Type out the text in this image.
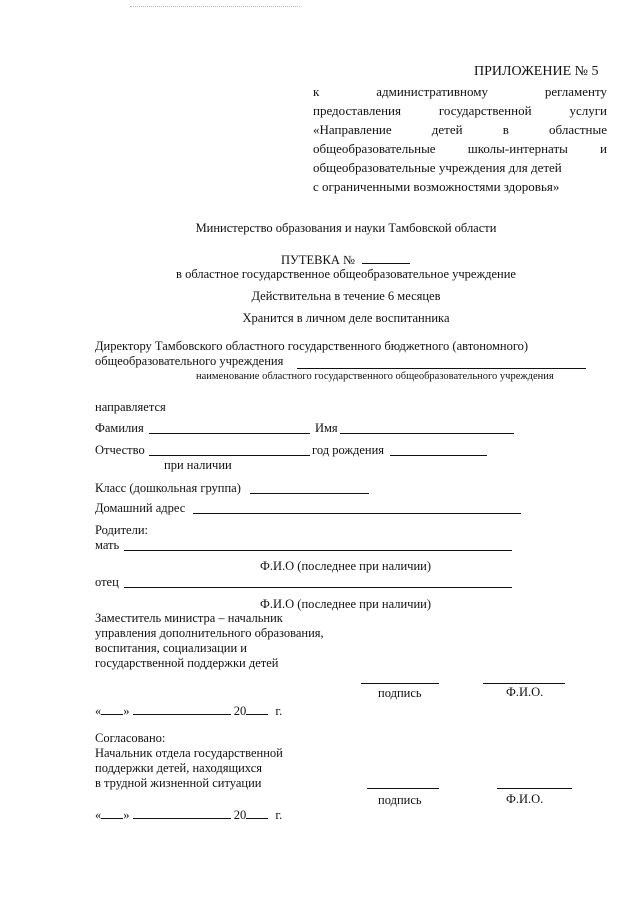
ПРИЛОЖЕНИЕ № 5
к административному регламенту
предоставления государственной услуги
«Направление детей в областные
общеобразовательные школы-интернаты и
общеобразовательные учреждения для детей
с ограниченными возможностями здоровья»
Министерство образования и науки Тамбовской области
ПУТЕВКА №
в областное государственное общеобразовательное учреждение
Действительна в течение 6 месяцев
Хранится в личном деле воспитанника
Директору Тамбовского областного государственного бюджетного (автономного)
общеобразовательного учреждения
наименование областного государственного общеобразовательного учреждения
направляется
Фамилия	Имя
Отчество	год рождения
при наличии
Класс (дошкольная группа)
Домашний адрес
Родители:
мать
Ф.И.О (последнее при наличии)
отец
Ф.И.О (последнее при наличии)
Заместитель министра – начальник
управления дополнительного образования,
воспитания, социализации и
государственной поддержки детей
подпись	Ф.И.О.
« »	20 г.
Согласовано:
Начальник отдела государственной
поддержки детей, находящихся
в трудной жизненной ситуации
подпись	Ф.И.О.
« »	20 г.
